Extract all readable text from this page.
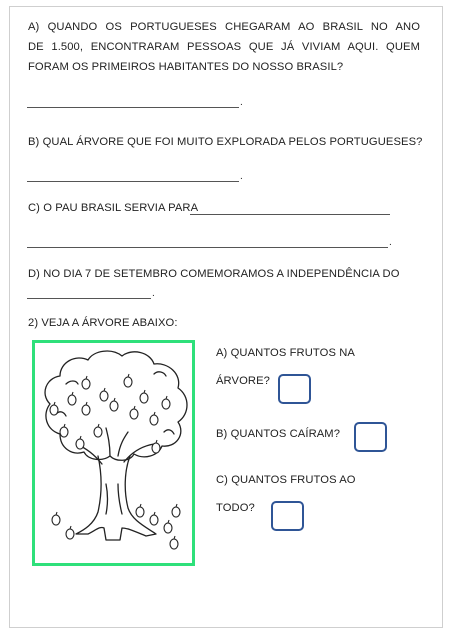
A) QUANDO OS PORTUGUESES CHEGARAM AO BRASIL NO ANO
DE 1.500, ENCONTRARAM PESSOAS QUE JÁ VIVIAM AQUI. QUEM
FORAM OS PRIMEIROS HABITANTES DO NOSSO BRASIL?
.
B) QUAL ÁRVORE QUE FOI MUITO EXPLORADA PELOS PORTUGUESES?
.
C) O PAU BRASIL SERVIA PARA
.
D) NO DIA 7 DE SETEMBRO COMEMORAMOS A INDEPENDÊNCIA DO
.
2) VEJA A ÁRVORE ABAIXO:
A) QUANTOS FRUTOS NA
ÁRVORE?
B) QUANTOS CAÍRAM?
C) QUANTOS FRUTOS AO
TODO?
